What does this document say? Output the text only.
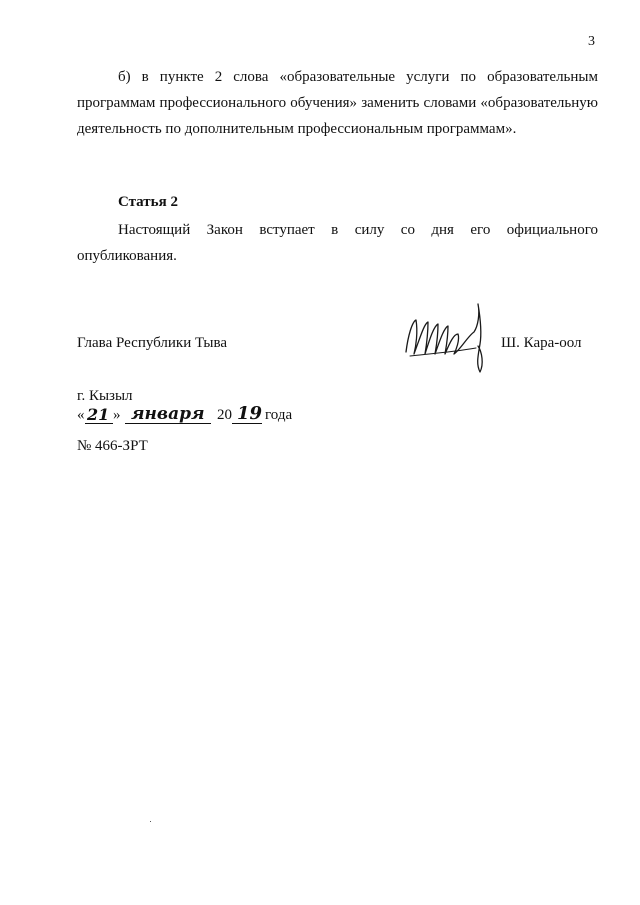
3

б) в пункте 2 слова «образовательные услуги по образовательным программам профессионального обучения» заменить словами «образовательную деятельность по дополнительным профессиональным программам».

Статья 2

Настоящий Закон вступает в силу со дня его официального опубликования.

Глава Республики Тыва	Ш. Кара-оол
г. Кызыл
« 21 » января 20 19 года
№ 466-ЗРТ
